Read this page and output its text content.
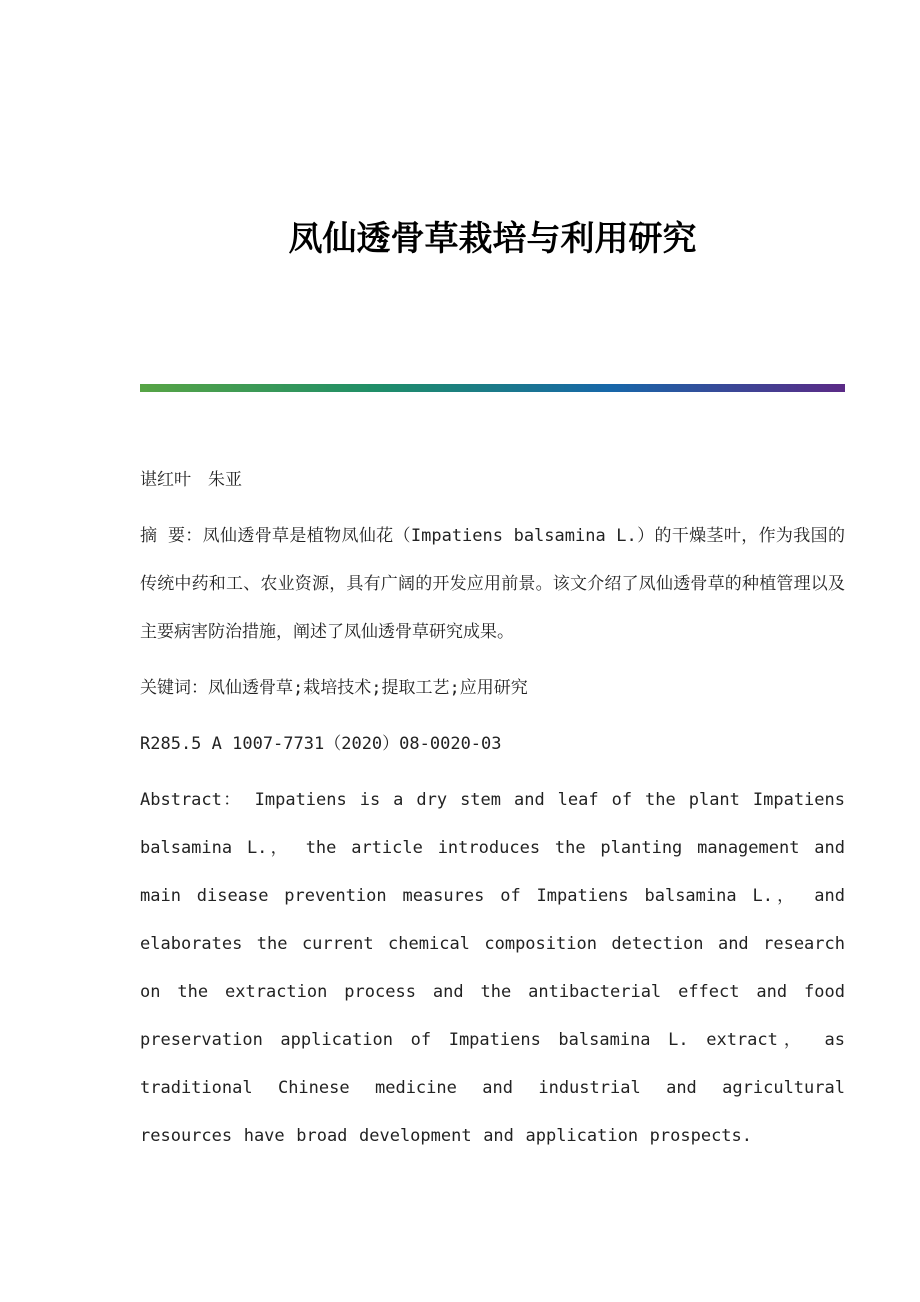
凤仙透骨草栽培与利用研究

谌红叶　朱亚

摘 要：凤仙透骨草是植物凤仙花（Impatiens balsamina L.）的干燥茎叶，作为我国的传统中药和工、农业资源，具有广阔的开发应用前景。该文介绍了凤仙透骨草的种植管理以及主要病害防治措施，阐述了凤仙透骨草研究成果。

关键词：凤仙透骨草;栽培技术;提取工艺;应用研究

R285.5 A 1007-7731（2020）08-0020-03

Abstract： Impatiens is a dry stem and leaf of the plant Impatiens balsamina L.， the article introduces the planting management and main disease prevention measures of Impatiens balsamina L.， and elaborates the current chemical composition detection and research on the extraction process and the antibacterial effect and food preservation application of Impatiens balsamina L. extract， as traditional Chinese medicine and industrial and agricultural resources have broad development and application prospects.
